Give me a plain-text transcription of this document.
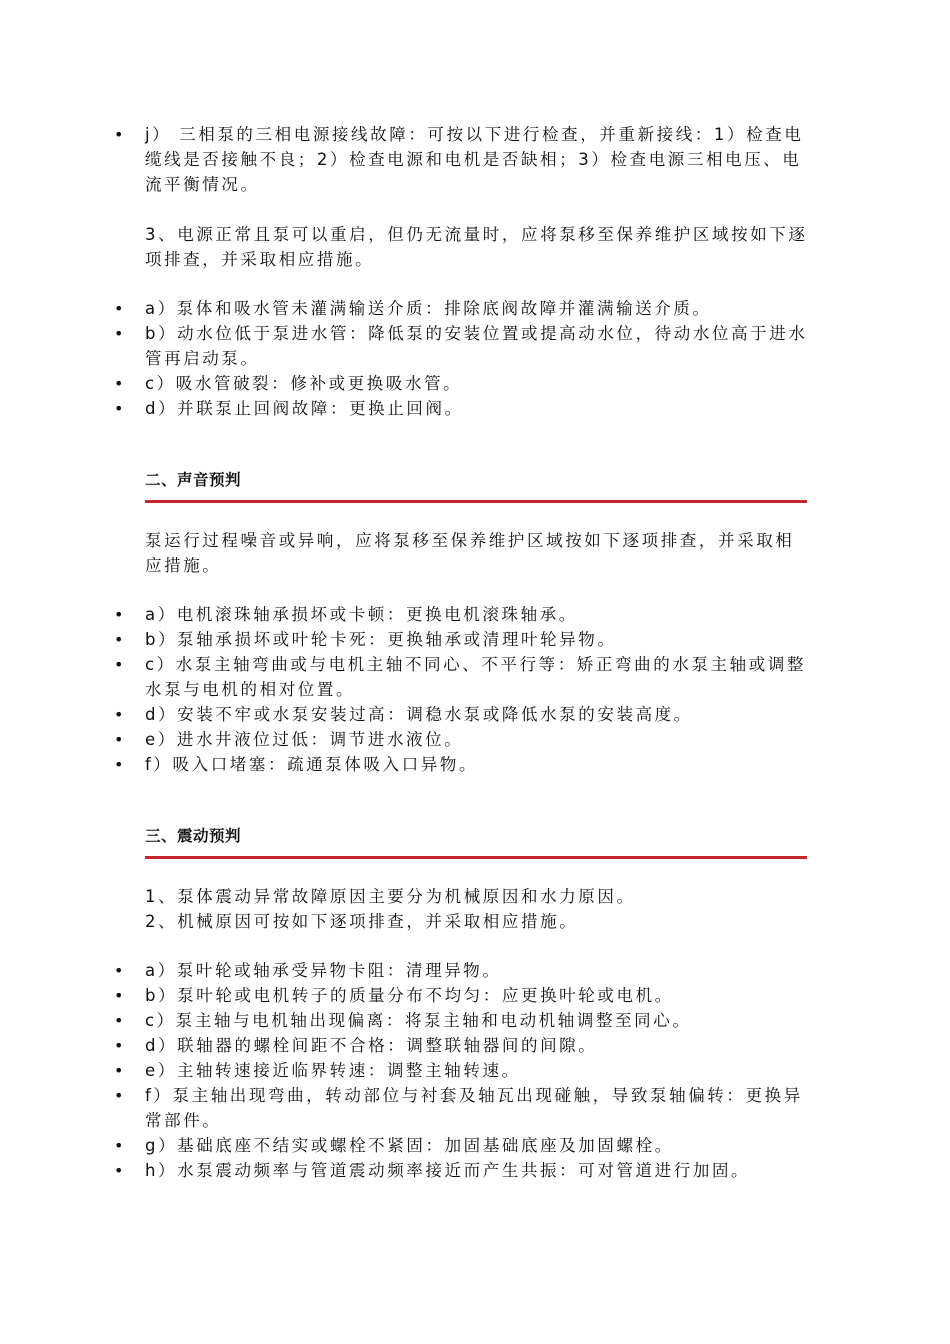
• j） 三相泵的三相电源接线故障：可按以下进行检查，并重新接线：1）检查电缆线是否接触不良；2）检查电源和电机是否缺相；3）检查电源三相电压、电流平衡情况。

3、电源正常且泵可以重启，但仍无流量时，应将泵移至保养维护区域按如下逐项排查，并采取相应措施。

• a）泵体和吸水管未灌满输送介质：排除底阀故障并灌满输送介质。

• b）动水位低于泵进水管：降低泵的安装位置或提高动水位，待动水位高于进水管再启动泵。

• c）吸水管破裂：修补或更换吸水管。

• d）并联泵止回阀故障：更换止回阀。

二、声音预判

泵运行过程噪音或异响，应将泵移至保养维护区域按如下逐项排查，并采取相应措施。

• a）电机滚珠轴承损坏或卡顿：更换电机滚珠轴承。

• b）泵轴承损坏或叶轮卡死：更换轴承或清理叶轮异物。

• c）水泵主轴弯曲或与电机主轴不同心、不平行等：矫正弯曲的水泵主轴或调整水泵与电机的相对位置。

• d）安装不牢或水泵安装过高：调稳水泵或降低水泵的安装高度。

• e）进水井液位过低：调节进水液位。

• f）吸入口堵塞：疏通泵体吸入口异物。

三、震动预判

1、泵体震动异常故障原因主要分为机械原因和水力原因。

2、机械原因可按如下逐项排查，并采取相应措施。

• a）泵叶轮或轴承受异物卡阻：清理异物。

• b）泵叶轮或电机转子的质量分布不均匀：应更换叶轮或电机。

• c）泵主轴与电机轴出现偏离：将泵主轴和电动机轴调整至同心。

• d）联轴器的螺栓间距不合格：调整联轴器间的间隙。

• e）主轴转速接近临界转速：调整主轴转速。

• f）泵主轴出现弯曲，转动部位与衬套及轴瓦出现碰触，导致泵轴偏转：更换异常部件。

• g）基础底座不结实或螺栓不紧固：加固基础底座及加固螺栓。

• h）水泵震动频率与管道震动频率接近而产生共振：可对管道进行加固。
